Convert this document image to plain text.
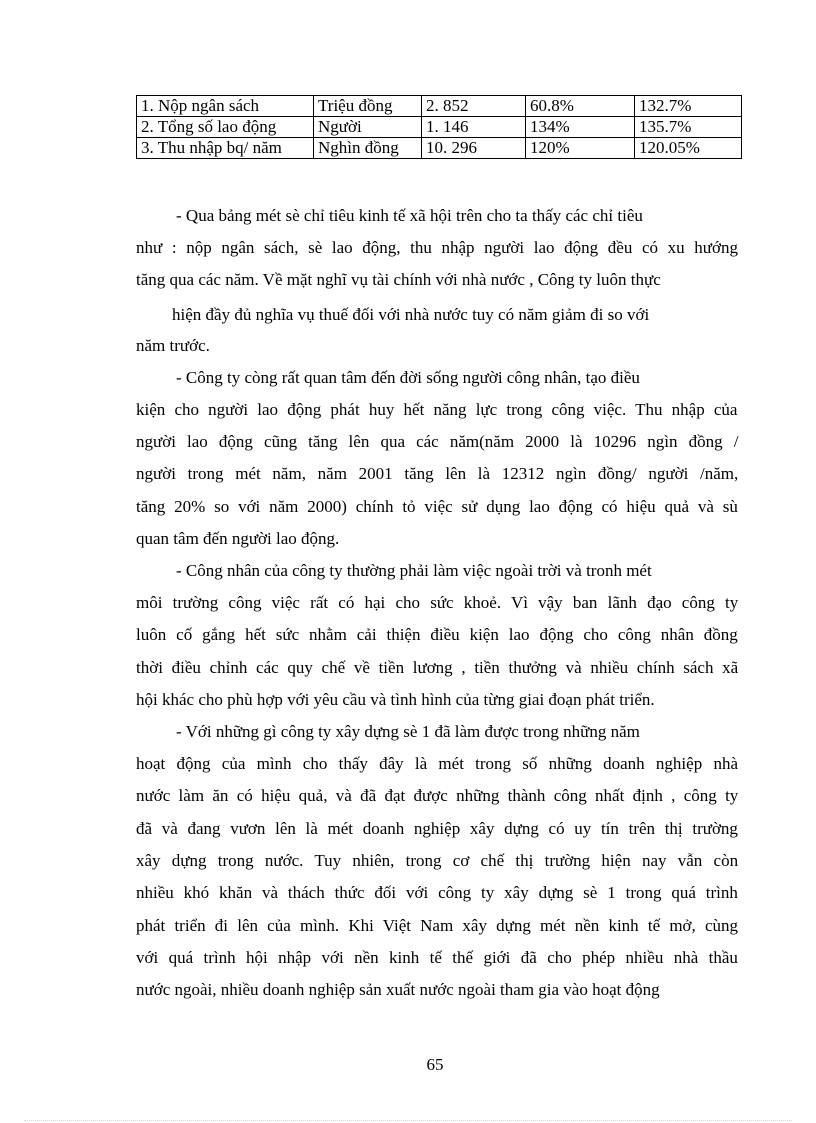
1. Nộp ngân sách	Triệu đồng	2. 852	60.8%	132.7%
2. Tổng số lao động	Người	1. 146	134%	135.7%
3. Thu nhập bq/ năm	Nghìn đồng	10. 296	120%	120.05%
- Qua bảng mét sè chỉ tiêu kinh tế xã hội trên cho ta thấy các chỉ tiêu
như : nộp ngân sách, sè lao động, thu nhập người lao động đều có xu hướng
tăng qua các năm. Về mặt nghĩ vụ tài chính với nhà nước , Công ty luôn thực
hiện đầy đủ nghĩa vụ thuế đối với nhà nước tuy có năm giảm đi so với
năm trước.
- Công ty còng rất quan tâm đến đời sống người công nhân, tạo điều
kiện cho người lao động phát huy hết năng lực trong công việc. Thu nhập của
người lao động cũng tăng lên qua các năm(năm 2000 là 10296 ngìn đồng /
người trong mét năm, năm 2001 tăng lên là 12312 ngìn đồng/ người /năm,
tăng 20% so với năm 2000) chính tỏ việc sử dụng lao động có hiệu quả và sù
quan tâm đến người lao động.
- Công nhân của công ty thường phải làm việc ngoài trời và tronh mét
môi trường công việc rất có hại cho sức khoẻ. Vì vậy ban lãnh đạo công ty
luôn cố gắng hết sức nhằm cải thiện điều kiện lao động cho công nhân đồng
thời điều chỉnh các quy chế về tiền lương , tiền thưởng và nhiều chính sách xã
hội khác cho phù hợp với yêu cầu và tình hình của từng giai đoạn phát triển.
- Với những gì công ty xây dựng sè 1 đã làm được trong những năm
hoạt động của mình cho thấy đây là mét trong số những doanh nghiệp nhà
nước làm ăn có hiệu quả, và đã đạt được những thành công nhất định , công ty
đã và đang vươn lên là mét doanh nghiệp xây dựng có uy tín trên thị trường
xây dựng trong nước. Tuy nhiên, trong cơ chế thị trường hiện nay vẫn còn
nhiều khó khăn và thách thức đối với công ty xây dựng sè 1 trong quá trình
phát triển đi lên của mình. Khi Việt Nam xây dựng mét nền kinh tế mở, cùng
với quá trình hội nhập với nền kinh tế thế giới đã cho phép nhiều nhà thầu
nước ngoài, nhiều doanh nghiệp sản xuất nước ngoài tham gia vào hoạt động
65
